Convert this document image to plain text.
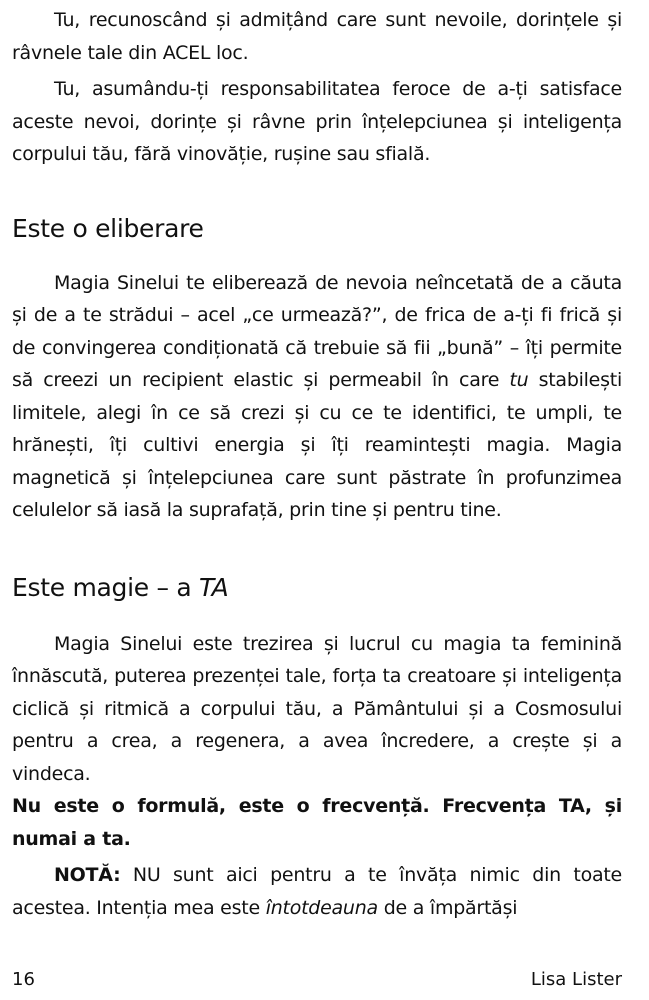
Tu, recunoscând și admițând care sunt nevoile, dorințele și râvnele tale din ACEL loc.

Tu, asumându-ți responsabilitatea feroce de a-ți satisface aceste nevoi, dorințe și râvne prin înțelepciunea și inteligența corpului tău, fără vinovăție, rușine sau sfială.

Este o eliberare

Magia Sinelui te eliberează de nevoia neîncetată de a căuta și de a te strădui – acel „ce urmează?”, de frica de a-ți fi frică și de convingerea condiționată că trebuie să fii „bună” – îți permite să creezi un recipient elastic și permeabil în care tu stabilești limitele, alegi în ce să crezi și cu ce te identifici, te umpli, te hrănești, îți cultivi energia și îți reamintești magia. Magia magnetică și înțelepciunea care sunt păstrate în profunzimea celulelor să iasă la suprafață, prin tine și pentru tine.

Este magie – a TA

Magia Sinelui este trezirea și lucrul cu magia ta feminină înnăscută, puterea prezenței tale, forța ta creatoare și inteligența ciclică și ritmică a corpului tău, a Pământului și a Cosmosului pentru a crea, a regenera, a avea încredere, a crește și a vindeca.

Nu este o formulă, este o frecvență. Frecvența TA, și numai a ta.

NOTĂ: NU sunt aici pentru a te învăța nimic din toate acestea. Intenția mea este întotdeauna de a împărtăși

16	Lisa Lister
